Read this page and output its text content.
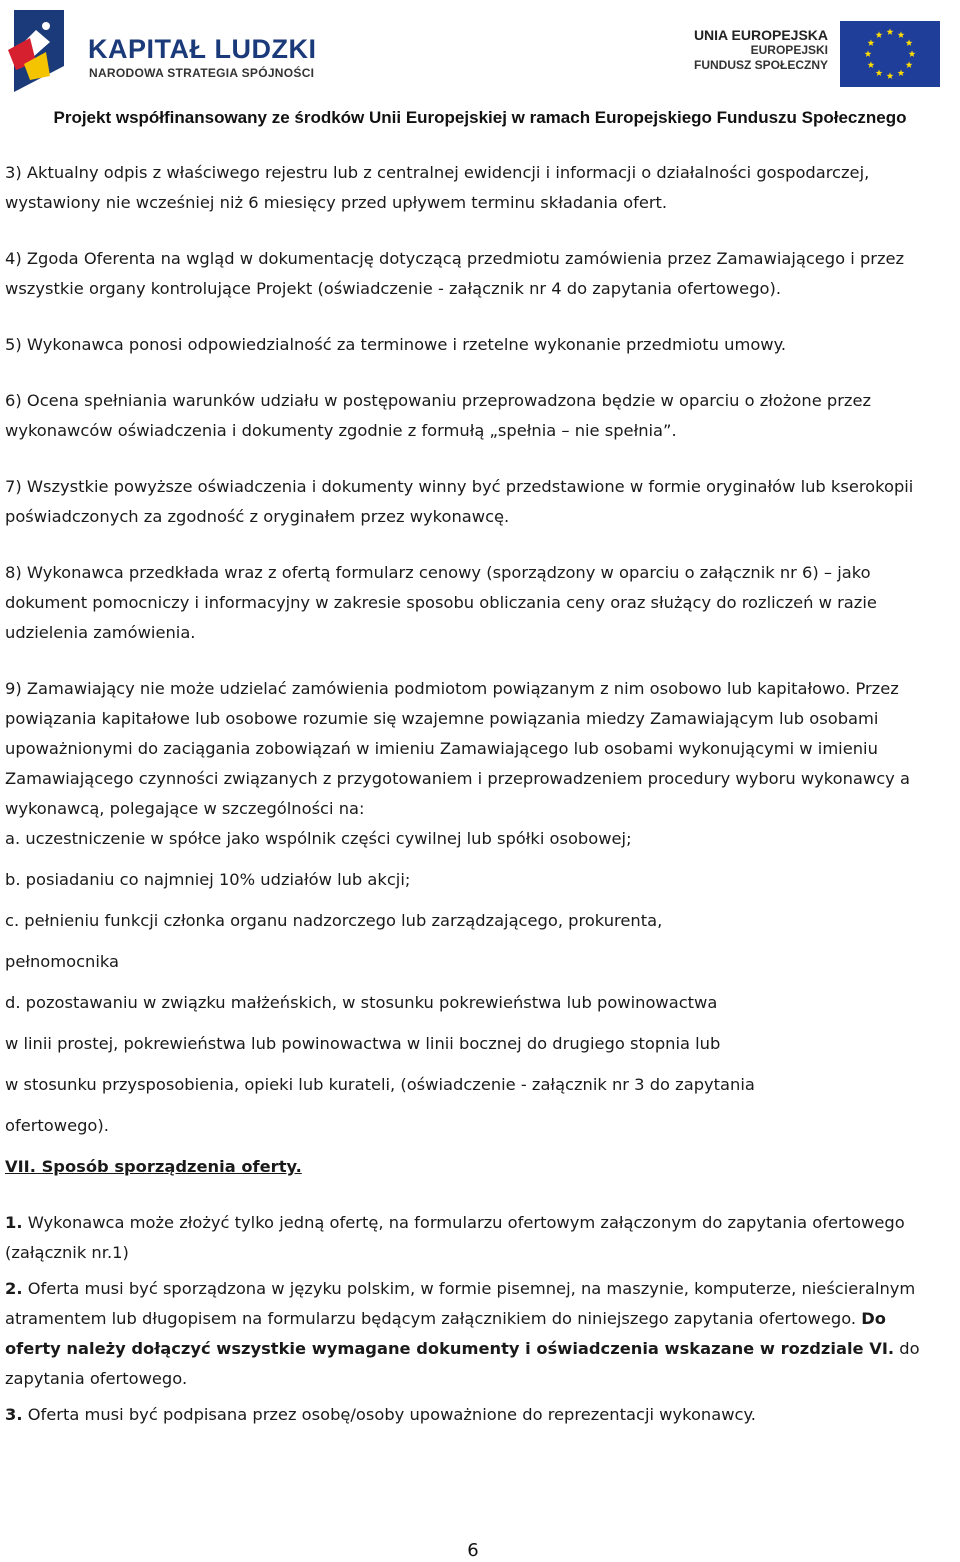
KAPITAŁ LUDZKI
NARODOWA STRATEGIA SPÓJNOŚCI
UNIA EUROPEJSKA
EUROPEJSKI
FUNDUSZ SPOŁECZNY
Projekt współfinansowany ze środków Unii Europejskiej w ramach Europejskiego Funduszu Społecznego

3) Aktualny odpis z właściwego rejestru lub z centralnej ewidencji i informacji o działalności gospodarczej, wystawiony nie wcześniej niż 6 miesięcy przed upływem terminu składania ofert.

4) Zgoda Oferenta na wgląd w dokumentację dotyczącą przedmiotu zamówienia przez Zamawiającego i przez wszystkie organy kontrolujące Projekt (oświadczenie - załącznik nr 4 do zapytania ofertowego).

5) Wykonawca ponosi odpowiedzialność za terminowe i rzetelne wykonanie przedmiotu umowy.

6) Ocena spełniania warunków udziału w postępowaniu przeprowadzona będzie w oparciu o złożone przez wykonawców oświadczenia i dokumenty zgodnie z formułą „spełnia – nie spełnia”.

7) Wszystkie powyższe oświadczenia i dokumenty winny być przedstawione w formie oryginałów lub kserokopii poświadczonych za zgodność z oryginałem przez wykonawcę.

8) Wykonawca przedkłada wraz z ofertą formularz cenowy (sporządzony w oparciu o załącznik nr 6) – jako dokument pomocniczy i informacyjny w zakresie sposobu obliczania ceny oraz służący do rozliczeń w razie udzielenia zamówienia.

9) Zamawiający nie może udzielać zamówienia podmiotom powiązanym z nim osobowo lub kapitałowo. Przez powiązania kapitałowe lub osobowe rozumie się wzajemne powiązania miedzy Zamawiającym lub osobami upoważnionymi do zaciągania zobowiązań w imieniu Zamawiającego lub osobami wykonującymi w imieniu Zamawiającego czynności związanych z przygotowaniem i przeprowadzeniem procedury wyboru wykonawcy a wykonawcą, polegające w szczególności na:

a. uczestniczenie w spółce jako wspólnik części cywilnej lub spółki osobowej;

b. posiadaniu co najmniej 10% udziałów lub akcji;

c. pełnieniu funkcji członka organu nadzorczego lub zarządzającego, prokurenta,

pełnomocnika

d. pozostawaniu w związku małżeńskich, w stosunku pokrewieństwa lub powinowactwa

w linii prostej, pokrewieństwa lub powinowactwa w linii bocznej do drugiego stopnia lub

w stosunku przysposobienia, opieki lub kurateli, (oświadczenie - załącznik nr 3 do zapytania

ofertowego).

VII. Sposób sporządzenia oferty.

1. Wykonawca może złożyć tylko jedną ofertę, na formularzu ofertowym załączonym do zapytania ofertowego (załącznik nr.1)

2. Oferta musi być sporządzona w języku polskim, w formie pisemnej, na maszynie, komputerze, nieścieralnym atramentem lub długopisem na formularzu będącym załącznikiem do niniejszego zapytania ofertowego. Do oferty należy dołączyć wszystkie wymagane dokumenty i oświadczenia wskazane w rozdziale VI. do zapytania ofertowego.

3. Oferta musi być podpisana przez osobę/osoby upoważnione do reprezentacji wykonawcy.

6
